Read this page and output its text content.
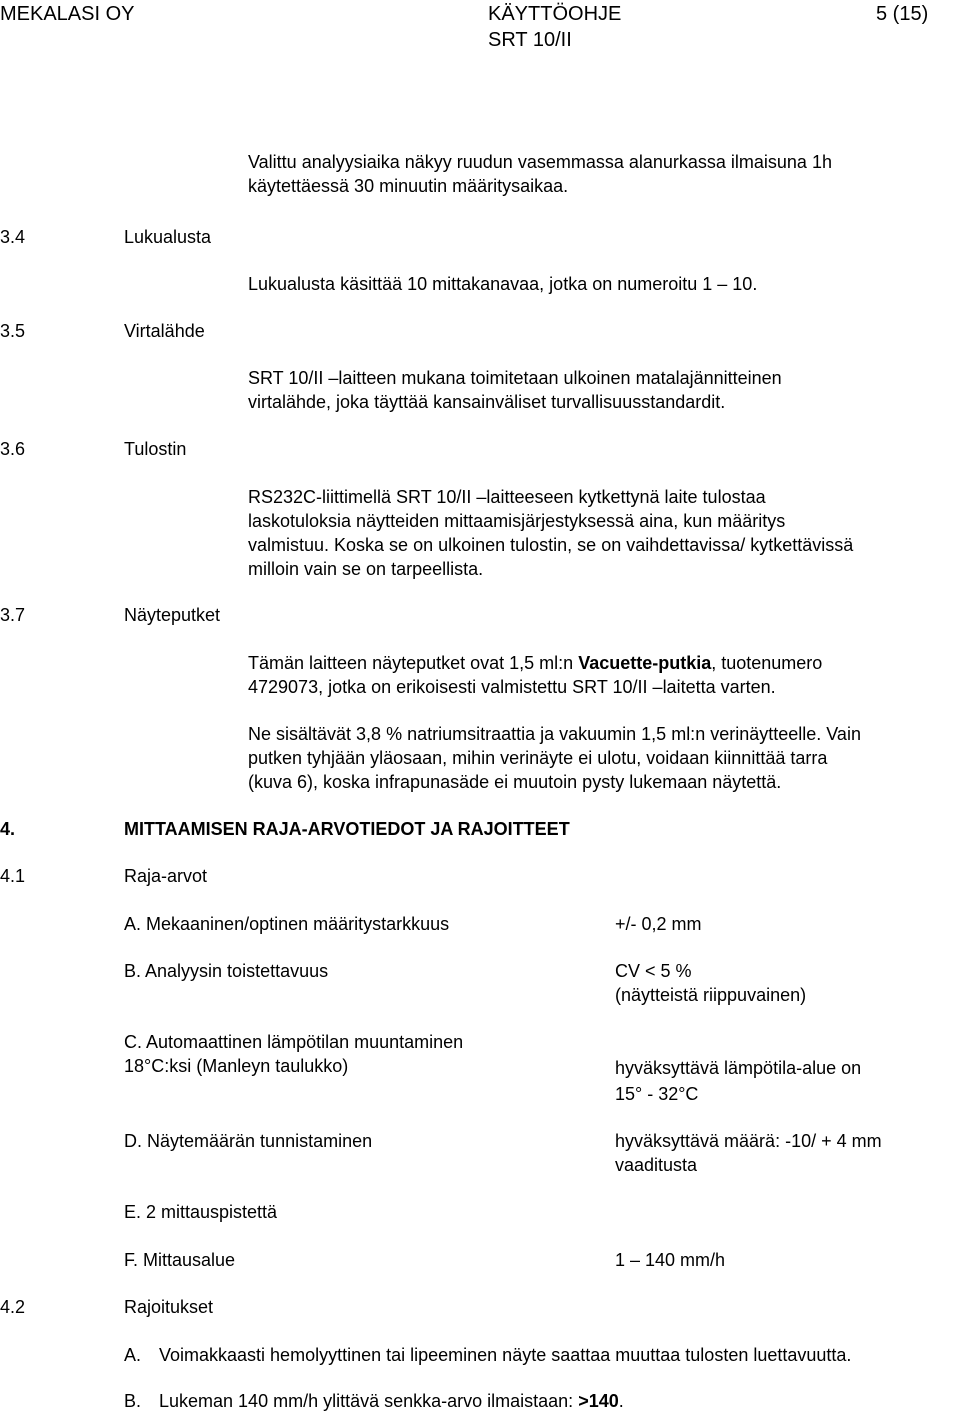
MEKALASI OY	KÄYTTÖOHJE
SRT 10/II
5 (15)
Valittu analyysiaika näkyy ruudun vasemmassa alanurkassa ilmaisuna 1h
käytettäessä 30 minuutin määritysaikaa.
3.4	Lukualusta
Lukualusta käsittää 10 mittakanavaa, jotka on numeroitu 1 – 10.
3.5	Virtalähde
SRT 10/II –laitteen mukana toimitetaan ulkoinen matalajännitteinen
virtalähde, joka täyttää kansainväliset turvallisuusstandardit.
3.6	Tulostin
RS232C-liittimellä SRT 10/II –laitteeseen kytkettynä laite tulostaa
laskotuloksia näytteiden mittaamisjärjestyksessä aina, kun määritys
valmistuu. Koska se on ulkoinen tulostin, se on vaihdettavissa/ kytkettävissä
milloin vain se on tarpeellista.
3.7	Näyteputket
Tämän laitteen näyteputket ovat 1,5 ml:n Vacuette-putkia, tuotenumero
4729073, jotka on erikoisesti valmistettu SRT 10/II –laitetta varten.
Ne sisältävät 3,8 % natriumsitraattia ja vakuumin 1,5 ml:n verinäytteelle. Vain
putken tyhjään yläosaan, mihin verinäyte ei ulotu, voidaan kiinnittää tarra
(kuva 6), koska infrapunasäde ei muutoin pysty lukemaan näytettä.
4.	MITTAAMISEN RAJA-ARVOTIEDOT JA RAJOITTEET
4.1	Raja-arvot
A. Mekaaninen/optinen määritystarkkuus	+/- 0,2 mm
B. Analyysin toistettavuus	CV < 5 %
(näytteistä riippuvainen)
C. Automaattinen lämpötilan muuntaminen
18°C:ksi (Manleyn taulukko)	hyväksyttävä lämpötila-alue on
15° - 32°C
D. Näytemäärän tunnistaminen	hyväksyttävä määrä: -10/ + 4 mm
vaaditusta
E. 2 mittauspistettä
F. Mittausalue	1 – 140 mm/h
4.2	Rajoitukset
A. Voimakkaasti hemolyyttinen tai lipeeminen näyte saattaa muuttaa tulosten luettavuutta.
B. Lukeman 140 mm/h ylittävä senkka-arvo ilmaistaan: >140.
